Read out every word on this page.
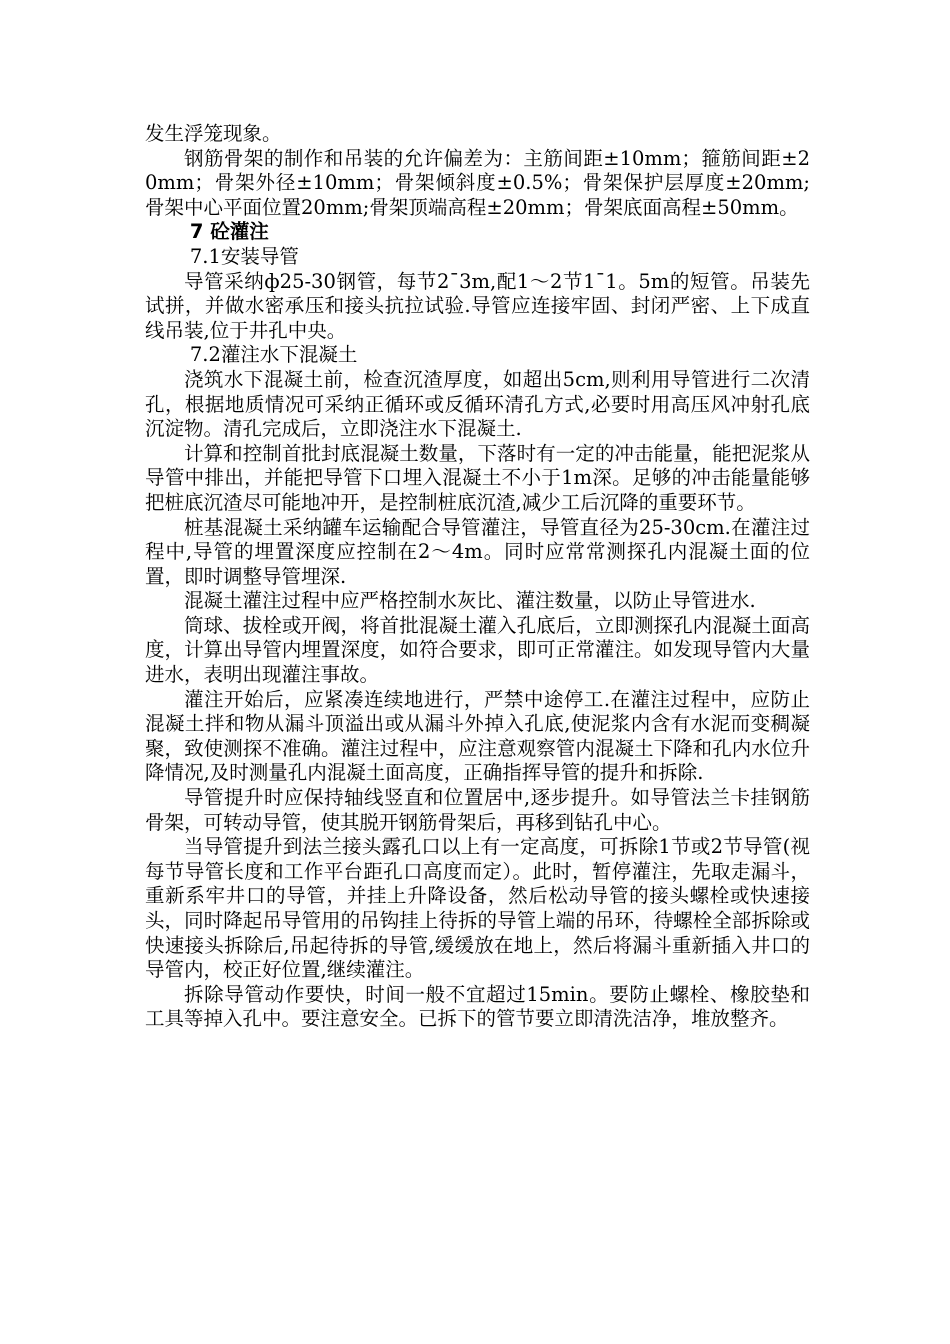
发生浮笼现象。

钢筋骨架的制作和吊装的允许偏差为：主筋间距±10mm；箍筋间距±20mm；骨架外径±10mm；骨架倾斜度±0.5%；骨架保护层厚度±20mm;骨架中心平面位置20mm;骨架顶端高程±20mm；骨架底面高程±50mm。

7 砼灌注

7.1安装导管

导管采纳ф25-30钢管，每节2¯3m,配1～2节1¯1。5m的短管。吊装先试拼，并做水密承压和接头抗拉试验.导管应连接牢固、封闭严密、上下成直线吊装,位于井孔中央。

7.2灌注水下混凝土

浇筑水下混凝土前，检查沉渣厚度，如超出5cm,则利用导管进行二次清孔，根据地质情况可采纳正循环或反循环清孔方式,必要时用高压风冲射孔底沉淀物。清孔完成后，立即浇注水下混凝土.

计算和控制首批封底混凝土数量，下落时有一定的冲击能量，能把泥浆从导管中排出，并能把导管下口埋入混凝土不小于1m深。足够的冲击能量能够把桩底沉渣尽可能地冲开，是控制桩底沉渣,减少工后沉降的重要环节。

桩基混凝土采纳罐车运输配合导管灌注，导管直径为25-30cm.在灌注过程中,导管的埋置深度应控制在2～4m。同时应常常测探孔内混凝土面的位置，即时调整导管埋深.

混凝土灌注过程中应严格控制水灰比、灌注数量，以防止导管进水.

筒球、拔栓或开阀，将首批混凝土灌入孔底后，立即测探孔内混凝土面高度，计算出导管内埋置深度，如符合要求，即可正常灌注。如发现导管内大量进水，表明出现灌注事故。

灌注开始后，应紧凑连续地进行，严禁中途停工.在灌注过程中，应防止混凝土拌和物从漏斗顶溢出或从漏斗外掉入孔底,使泥浆内含有水泥而变稠凝聚，致使测探不准确。灌注过程中，应注意观察管内混凝土下降和孔内水位升降情况,及时测量孔内混凝土面高度，正确指挥导管的提升和拆除.

导管提升时应保持轴线竖直和位置居中,逐步提升。如导管法兰卡挂钢筋骨架，可转动导管，使其脱开钢筋骨架后，再移到钻孔中心。

当导管提升到法兰接头露孔口以上有一定高度，可拆除1节或2节导管(视每节导管长度和工作平台距孔口高度而定）。此时，暂停灌注，先取走漏斗，重新系牢井口的导管，并挂上升降设备，然后松动导管的接头螺栓或快速接头，同时降起吊导管用的吊钩挂上待拆的导管上端的吊环，待螺栓全部拆除或快速接头拆除后,吊起待拆的导管,缓缓放在地上，然后将漏斗重新插入井口的导管内，校正好位置,继续灌注。

拆除导管动作要快，时间一般不宜超过15min。要防止螺栓、橡胶垫和工具等掉入孔中。要注意安全。已拆下的管节要立即清洗洁净，堆放整齐。
